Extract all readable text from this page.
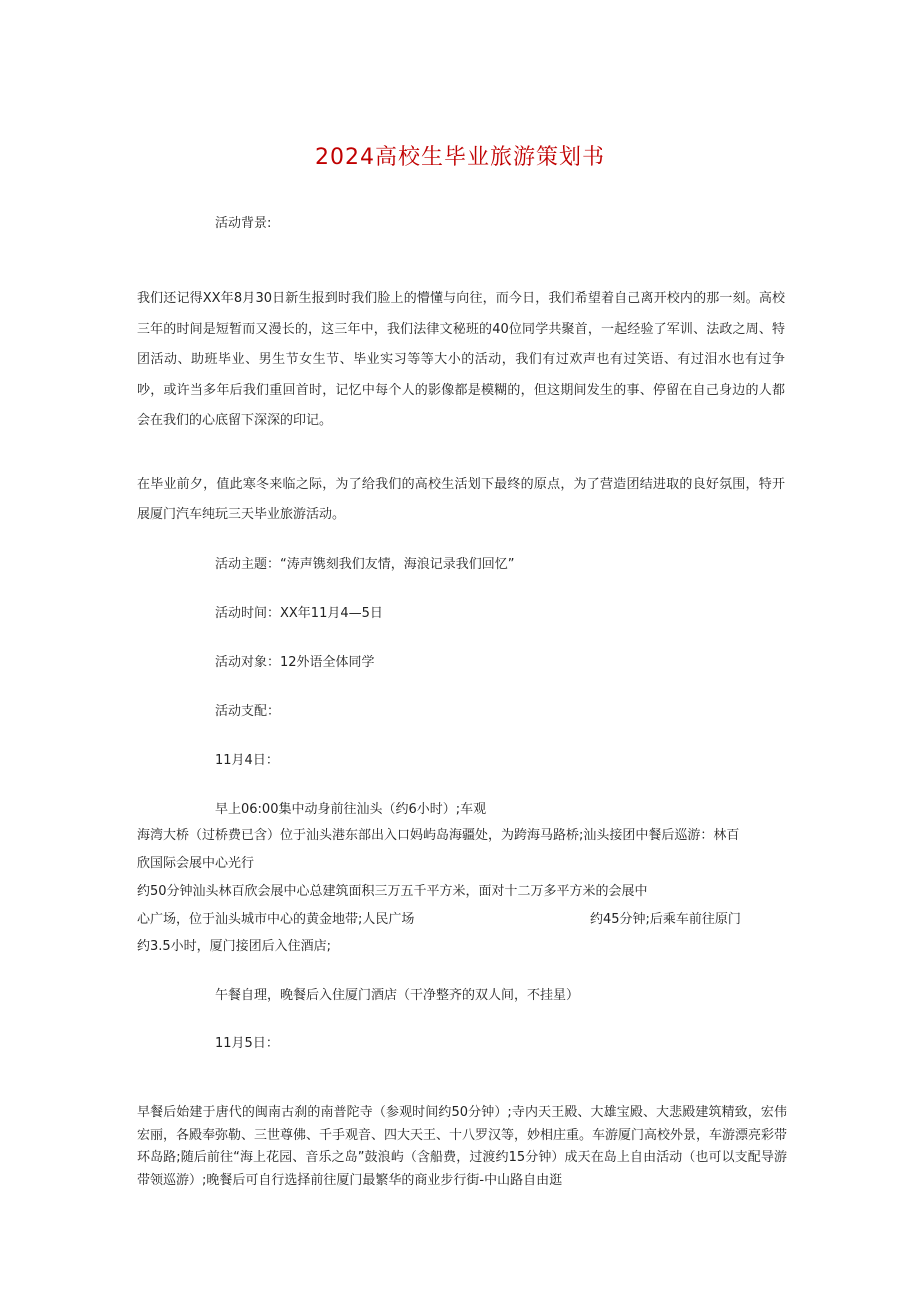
2024高校生毕业旅游策划书
活动背景:
我们还记得XX年8月30日新生报到时我们脸上的懵懂与向往，而今日，我们希望着自己离开校内的那一刻。高校三年的时间是短暂而又漫长的，这三年中，我们法律文秘班的40位同学共聚首，一起经验了军训、法政之周、特团活动、助班毕业、男生节女生节、毕业实习等等大小的活动，我们有过欢声也有过笑语、有过泪水也有过争吵，或许当多年后我们重回首时，记忆中每个人的影像都是模糊的，但这期间发生的事、停留在自己身边的人都会在我们的心底留下深深的印记。
在毕业前夕，值此寒冬来临之际，为了给我们的高校生活划下最终的原点，为了营造团结进取的良好氛围，特开展厦门汽车纯玩三天毕业旅游活动。
活动主题：“涛声镌刻我们友情，海浪记录我们回忆”
活动时间：XX年11月4—5日
活动对象：12外语全体同学
活动支配：
11月4日：
早上06:00集中动身前往汕头（约6小时）;车观
海湾大桥（过桥费已含）位于汕头港东部出入口妈屿岛海疆处，为跨海马路桥;汕头接团中餐后巡游：林百
欣国际会展中心光行
约50分钟汕头林百欣会展中心总建筑面积三万五千平方米，面对十二万多平方米的会展中
心广场，位于汕头城市中心的黄金地带;人民广场	约45分钟;后乘车前往原门
约3.5小时，厦门接团后入住酒店;
午餐自理，晚餐后入住厦门酒店（干净整齐的双人间，不挂星）
11月5日：
早餐后始建于唐代的闽南古刹的南普陀寺（参观时间约50分钟）;寺内天王殿、大雄宝殿、大悲殿建筑精致，宏伟宏丽，各殿奉弥勒、三世尊佛、千手观音、四大天王、十八罗汉等，妙相庄重。车游厦门高校外景，车游漂亮彩带环岛路;随后前往“海上花园、音乐之岛”鼓浪屿（含船费，过渡约15分钟）成天在岛上自由活动（也可以支配导游带领巡游）;晚餐后可自行选择前往厦门最繁华的商业步行街-中山路自由逛
